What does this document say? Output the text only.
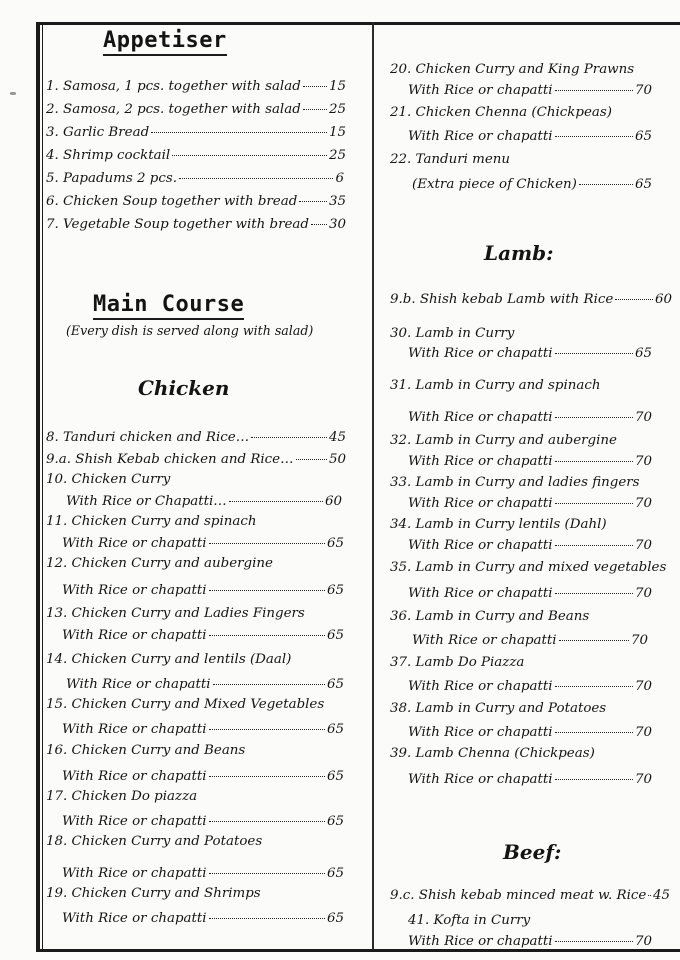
Appetiser
1. Samosa, 1 pcs. together with salad 15
2. Samosa, 2 pcs. together with salad 25
3. Garlic Bread	15
4. Shrimp cocktail	25
5. Papadums 2 pcs.	6
6. Chicken Soup together with bread 35
7. Vegetable Soup together with bread 30
Main Course
(Every dish is served along with salad)
Chicken
8. Tanduri chicken and Rice…	45
9.a. Shish Kebab chicken and Rice…	50
10. Chicken Curry
With Rice or Chapatti…	60
11. Chicken Curry and spinach
With Rice or chapatti	65
12. Chicken Curry and aubergine
With Rice or chapatti	65
13. Chicken Curry and Ladies Fingers
With Rice or chapatti	65
14. Chicken Curry and lentils (Daal)
With Rice or chapatti	65
15. Chicken Curry and Mixed Vegetables
With Rice or chapatti	65
16. Chicken Curry and Beans
With Rice or chapatti	65
17. Chicken Do piazza
With Rice or chapatti	65
18. Chicken Curry and Potatoes
With Rice or chapatti	65
19. Chicken Curry and Shrimps
With Rice or chapatti	65
20. Chicken Curry and King Prawns
With Rice or chapatti	70
21. Chicken Chenna (Chickpeas)
With Rice or chapatti	65
22. Tanduri menu
(Extra piece of Chicken)	65
Lamb:
9.b. Shish kebab Lamb with Rice	60
30. Lamb in Curry
With Rice or chapatti	65
31. Lamb in Curry and spinach
With Rice or chapatti	70
32. Lamb in Curry and aubergine
With Rice or chapatti	70
33. Lamb in Curry and ladies fingers
With Rice or chapatti	70
34. Lamb in Curry lentils (Dahl)
With Rice or chapatti	70
35. Lamb in Curry and mixed vegetables
With Rice or chapatti	70
36. Lamb in Curry and Beans
With Rice or chapatti	70
37. Lamb Do Piazza
With Rice or chapatti	70
38. Lamb in Curry and Potatoes
With Rice or chapatti	70
39. Lamb Chenna (Chickpeas)
With Rice or chapatti	70
Beef:
9.c. Shish kebab minced meat w. Rice 45
41. Kofta in Curry
With Rice or chapatti	70
